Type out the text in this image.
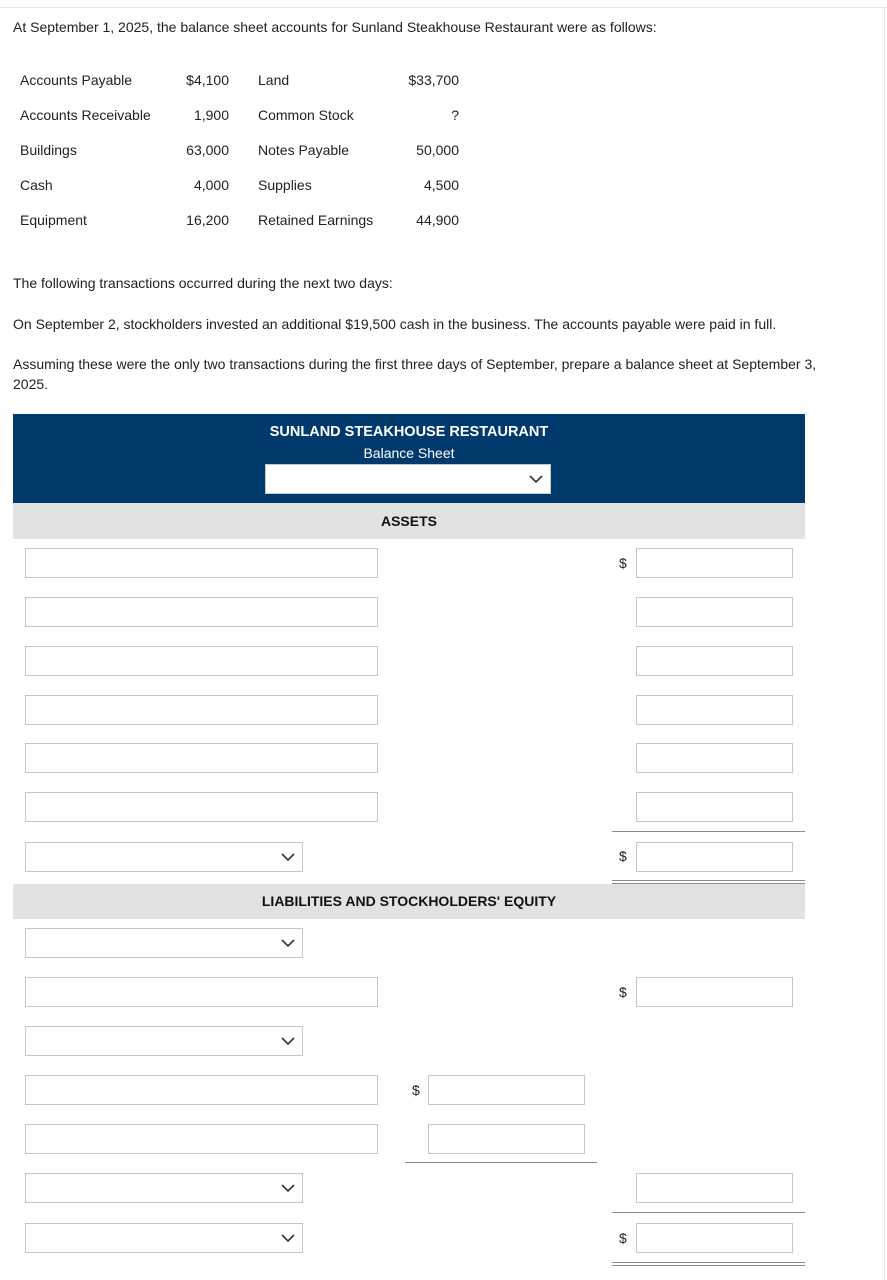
At September 1, 2025, the balance sheet accounts for Sunland Steakhouse Restaurant were as follows:
Accounts Payable	$4,100		Land	$33,700
Accounts Receivable	1,900		Common Stock	?
Buildings	63,000		Notes Payable	50,000
Cash	4,000		Supplies	4,500
Equipment	16,200		Retained Earnings	44,900
The following transactions occurred during the next two days:
On September 2, stockholders invested an additional $19,500 cash in the business. The accounts payable were paid in full.
Assuming these were the only two transactions during the first three days of September, prepare a balance sheet at September 3, 2025.
SUNLAND STEAKHOUSE RESTAURANT
Balance Sheet
ASSETS
$
$
LIABILITIES AND STOCKHOLDERS' EQUITY
$
$
$
